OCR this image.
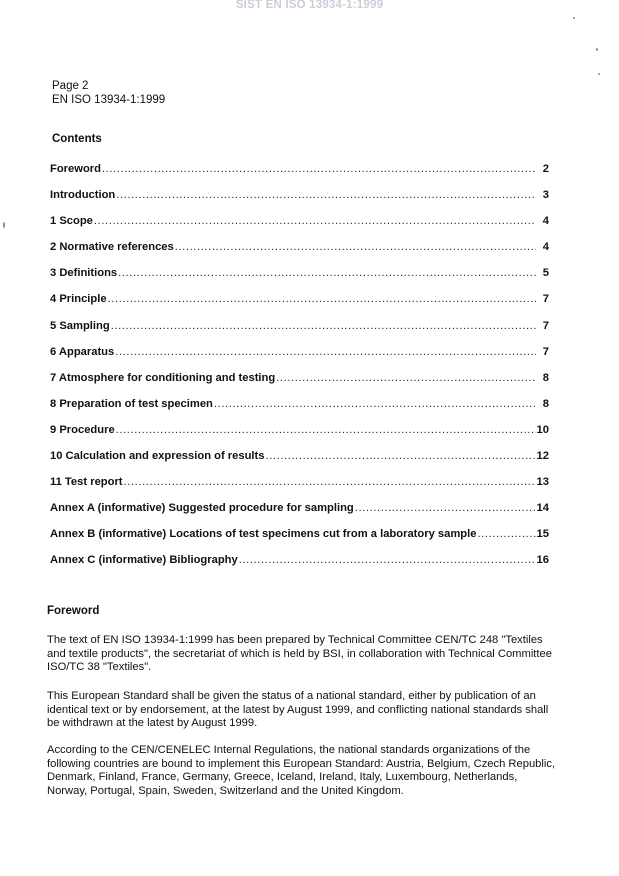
SIST EN ISO 13934-1:1999
Page 2
EN ISO 13934-1:1999
Contents
Foreword .....	2
Introduction .....	3
1 Scope .....	4
2 Normative references .....	4
3 Definitions .....	5
4 Principle .....	7
5 Sampling .....	7
6 Apparatus .....	7
7 Atmosphere for conditioning and testing .....	8
8 Preparation of test specimen .....	8
9 Procedure .....	10
10 Calculation and expression of results .....	12
11 Test report .....	13
Annex A (informative) Suggested procedure for sampling .....	14
Annex B (informative) Locations of test specimens cut from a laboratory sample .....	15
Annex C (informative) Bibliography .....	16
Foreword
The text of EN ISO 13934-1:1999 has been prepared by Technical Committee CEN/TC 248 "Textiles and textile products", the secretariat of which is held by BSI, in collaboration with Technical Committee ISO/TC 38 "Textiles".
This European Standard shall be given the status of a national standard, either by publication of an identical text or by endorsement, at the latest by August 1999, and conflicting national standards shall be withdrawn at the latest by August 1999.
According to the CEN/CENELEC Internal Regulations, the national standards organizations of the following countries are bound to implement this European Standard: Austria, Belgium, Czech Republic, Denmark, Finland, France, Germany, Greece, Iceland, Ireland, Italy, Luxembourg, Netherlands, Norway, Portugal, Spain, Sweden, Switzerland and the United Kingdom.
